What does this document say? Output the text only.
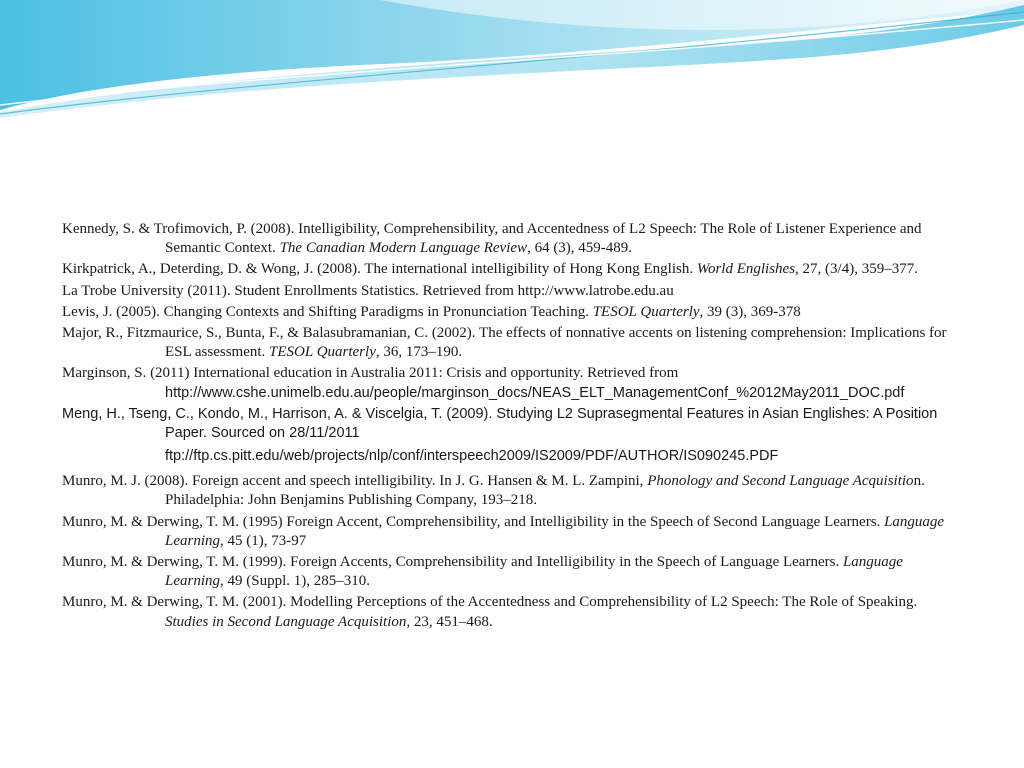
Kennedy, S. & Trofimovich, P. (2008). Intelligibility, Comprehensibility, and Accentedness of L2 Speech: The Role of Listener Experience and Semantic Context. The Canadian Modern Language Review, 64 (3), 459-489.

Kirkpatrick, A., Deterding, D. & Wong, J. (2008). The international intelligibility of Hong Kong English. World Englishes, 27, (3/4), 359–377.

La Trobe University (2011). Student Enrollments Statistics. Retrieved from http://www.latrobe.edu.au

Levis, J. (2005). Changing Contexts and Shifting Paradigms in Pronunciation Teaching. TESOL Quarterly, 39 (3), 369-378

Major, R., Fitzmaurice, S., Bunta, F., & Balasubramanian, C. (2002). The effects of nonnative accents on listening comprehension: Implications for ESL assessment. TESOL Quarterly, 36, 173–190.

Marginson, S. (2011) International education in Australia 2011: Crisis and opportunity. Retrieved from http://www.cshe.unimelb.edu.au/people/marginson_docs/NEAS_ELT_ManagementConf_%2012May2011_DOC.pdf

Meng, H., Tseng, C., Kondo, M., Harrison, A. & Viscelgia, T. (2009). Studying L2 Suprasegmental Features in Asian Englishes: A Position Paper. Sourced on 28/11/2011

ftp://ftp.cs.pitt.edu/web/projects/nlp/conf/interspeech2009/IS2009/PDF/AUTHOR/IS090245.PDF

Munro, M. J. (2008). Foreign accent and speech intelligibility. In J. G. Hansen & M. L. Zampini, Phonology and Second Language Acquisition. Philadelphia: John Benjamins Publishing Company, 193–218.

Munro, M. & Derwing, T. M. (1995) Foreign Accent, Comprehensibility, and Intelligibility in the Speech of Second Language Learners. Language Learning, 45 (1), 73-97

Munro, M. & Derwing, T. M. (1999). Foreign Accents, Comprehensibility and Intelligibility in the Speech of Language Learners. Language Learning, 49 (Suppl. 1), 285–310.

Munro, M. & Derwing, T. M. (2001). Modelling Perceptions of the Accentedness and Comprehensibility of L2 Speech: The Role of Speaking. Studies in Second Language Acquisition, 23, 451–468.
